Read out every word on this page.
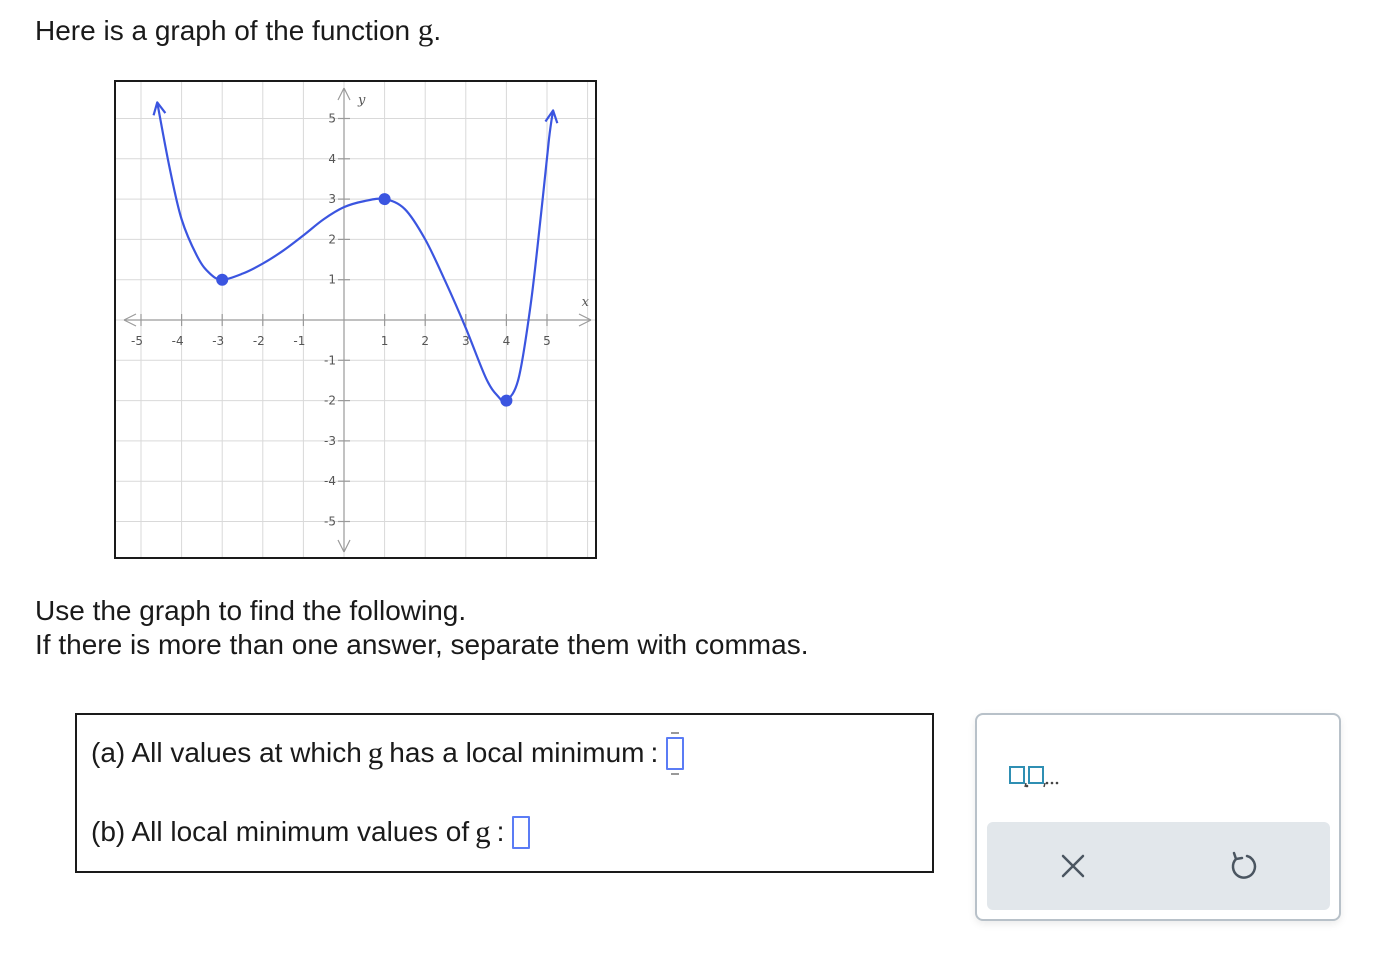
Here is a graph of the function g.
-5 -4 -3 -2 -1	1	2	3	4	5
5
4
3
2
1
-1
-2
-3
-4
-5
x
y
Use the graph to find the following.
If there is more than one answer, separate them with commas.
(a) All values at which g has a local minimum :
(b) All local minimum values of g :
